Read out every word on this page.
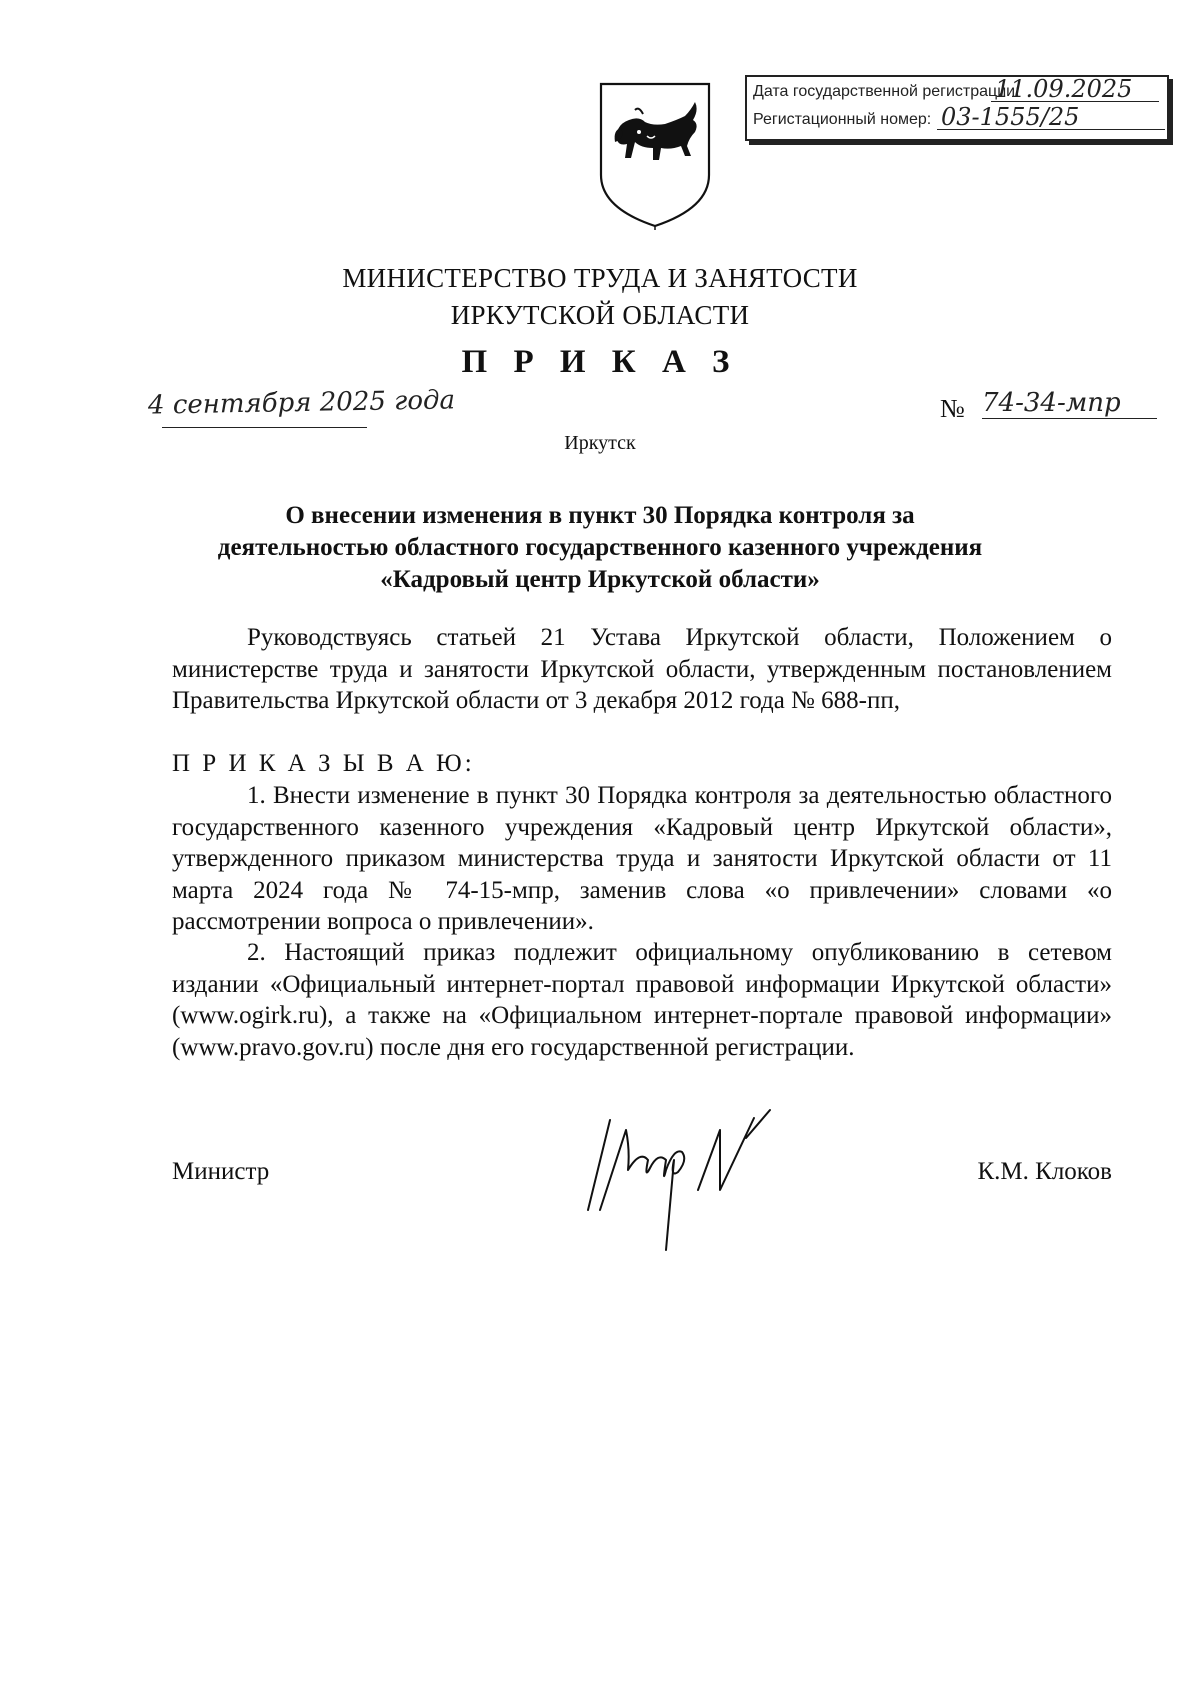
Дата государственной регистрации:
11.09.2025
Регистационный номер: 03-1555/25
МИНИСТЕРСТВО ТРУДА И ЗАНЯТОСТИ
ИРКУТСКОЙ ОБЛАСТИ
П Р И К А З
4 сентября 2025 года	№ 74-34-мпр
Иркутск
О внесении изменения в пункт 30 Порядка контроля за деятельностью областного государственного казенного учреждения «Кадровый центр Иркутской области»
Руководствуясь статьей 21 Устава Иркутской области, Положением о министерстве труда и занятости Иркутской области, утвержденным постановлением Правительства Иркутской области от 3 декабря 2012 года № 688-пп,
П Р И К А З Ы В А Ю:
1. Внести изменение в пункт 30 Порядка контроля за деятельностью областного государственного казенного учреждения «Кадровый центр Иркутской области», утвержденного приказом министерства труда и занятости Иркутской области от 11 марта 2024 года № 74-15-мпр, заменив слова «о привлечении» словами «о рассмотрении вопроса о привлечении».
2. Настоящий приказ подлежит официальному опубликованию в сетевом издании «Официальный интернет-портал правовой информации Иркутской области» (www.ogirk.ru), а также на «Официальном интернет-портале правовой информации» (www.pravo.gov.ru) после дня его государственной регистрации.
Министр	К.М. Клоков
